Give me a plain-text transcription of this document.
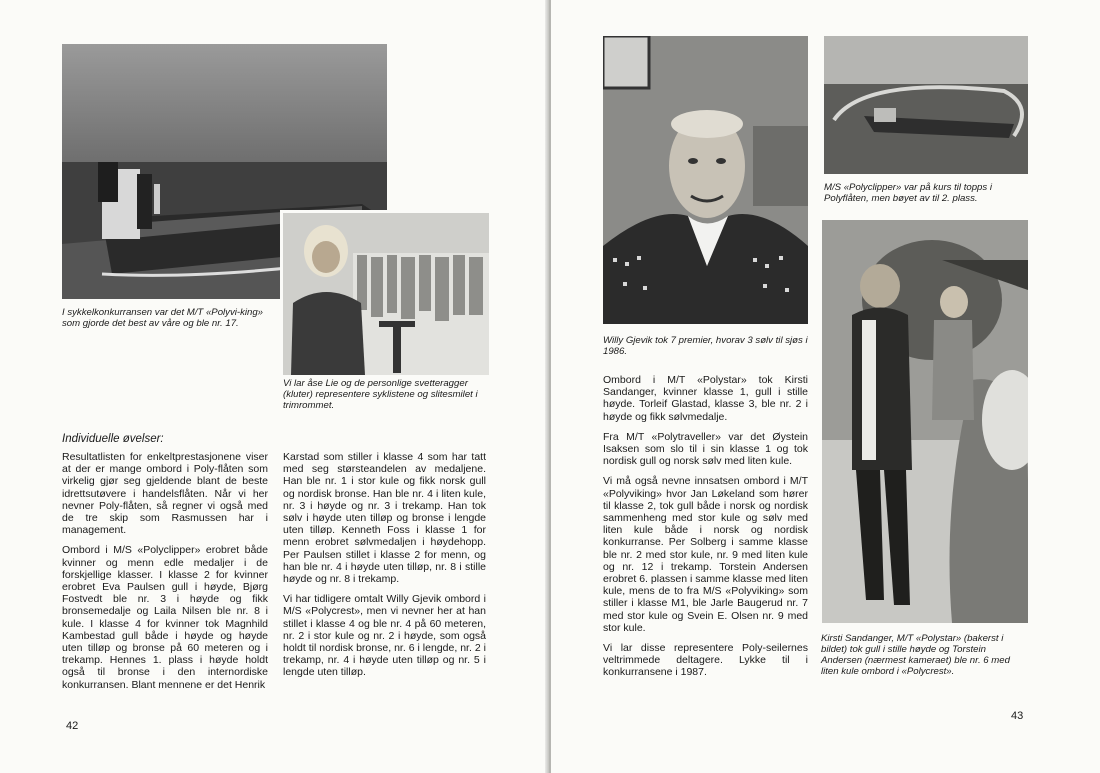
I sykkelkonkurransen var det M/T «Polyvi-king» som gjorde det best av våre og ble nr. 17.
Vi lar åse Lie og de personlige svetteragger (kluter) representere syklistene og slitesmilet i trimrommet.
Individuelle øvelser:

Resultatlisten for enkeltprestasjonene viser at der er mange ombord i Poly-flåten som virkelig gjør seg gjeldende blant de beste idrettsutøvere i handelsflåten. Når vi her nevner Poly-flåten, så regner vi også med de tre skip som Rasmussen har i management.

Ombord i M/S «Polyclipper» erobret både kvinner og menn edle medaljer i de forskjellige klasser. I klasse 2 for kvinner erobret Eva Paulsen gull i høyde, Bjørg Fostvedt ble nr. 3 i høyde og fikk bronsemedalje og Laila Nilsen ble nr. 8 i kule. I klasse 4 for kvinner tok Magnhild Kambestad gull både i høyde og høyde uten tilløp og bronse på 60 meteren og i trekamp. Hennes 1. plass i høyde holdt også til bronse i den internordiske konkurransen. Blant mennene er det Henrik

Karstad som stiller i klasse 4 som har tatt med seg størsteandelen av medaljene. Han ble nr. 1 i stor kule og fikk norsk gull og nordisk bronse. Han ble nr. 4 i liten kule, nr. 3 i høyde og nr. 3 i trekamp. Han tok sølv i høyde uten tilløp og bronse i lengde uten tilløp. Kenneth Foss i klasse 1 for menn erobret sølvmedaljen i høydehopp. Per Paulsen stillet i klasse 2 for menn, og han ble nr. 4 i høyde uten tilløp, nr. 8 i stille høyde og nr. 8 i trekamp.

Vi har tidligere omtalt Willy Gjevik ombord i M/S «Polycrest», men vi nevner her at han stillet i klasse 4 og ble nr. 4 på 60 meteren, nr. 2 i stor kule og nr. 2 i høyde, som også holdt til nordisk bronse, nr. 6 i lengde, nr. 2 i trekamp, nr. 4 i høyde uten tilløp og nr. 5 i lengde uten tilløp.

42
M/S «Polyclipper» var på kurs til topps i Polyflåten, men bøyet av til 2. plass.
Willy Gjevik tok 7 premier, hvorav 3 sølv til sjøs i 1986.

Ombord i M/T «Polystar» tok Kirsti Sandanger, kvinner klasse 1, gull i stille høyde. Torleif Glastad, klasse 3, ble nr. 2 i høyde og fikk sølvmedalje.

Fra M/T «Polytraveller» var det Øystein Isaksen som slo til i sin klasse 1 og tok nordisk gull og norsk sølv med liten kule.

Vi må også nevne innsatsen ombord i M/T «Polyviking» hvor Jan Løkeland som hører til klasse 2, tok gull både i norsk og nordisk sammenheng med stor kule og sølv med liten kule både i norsk og nordisk konkurranse. Per Solberg i samme klasse ble nr. 2 med stor kule, nr. 9 med liten kule og nr. 12 i trekamp. Torstein Andersen erobret 6. plassen i samme klasse med liten kule, mens de to fra M/S «Polyviking» som stiller i klasse M1, ble Jarle Baugerud nr. 7 med stor kule og Svein E. Olsen nr. 9 med stor kule.

Vi lar disse representere Poly-seilernes veltrimmede deltagere. Lykke til i konkurransene i 1987.

Kirsti Sandanger, M/T «Polystar» (bakerst i bildet) tok gull i stille høyde og Torstein Andersen (nærmest kameraet) ble nr. 6 med liten kule ombord i «Polycrest».
43
